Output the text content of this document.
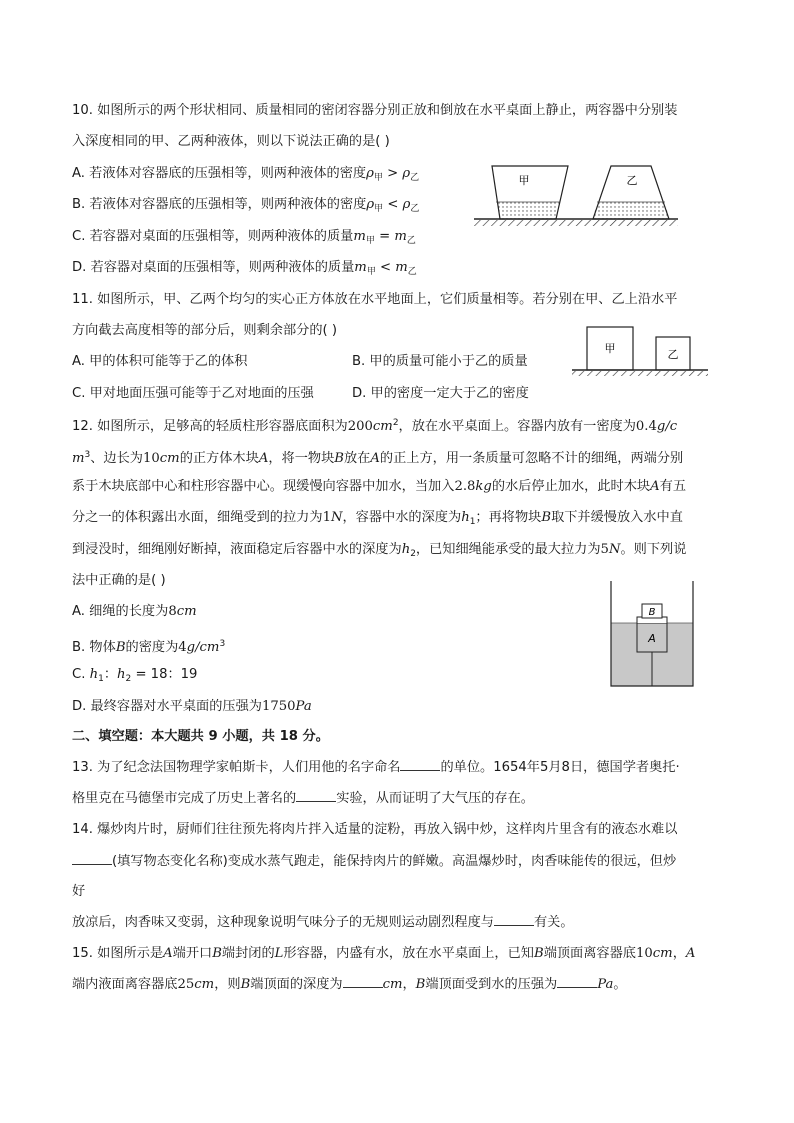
10. 如图所示的两个形状相同、质量相同的密闭容器分别正放和倒放在水平桌面上静止，两容器中分别装
入深度相同的甲、乙两种液体，则以下说法正确的是( )
A. 若液体对容器底的压强相等，则两种液体的密度$\rho_甲 > \rho_乙$
B. 若液体对容器底的压强相等，则两种液体的密度$\rho_甲 < \rho_乙$
C. 若容器对桌面的压强相等，则两种液体的质量$m_甲 = m_乙$
D. 若容器对桌面的压强相等，则两种液体的质量$m_甲 < m_乙$
甲	乙
11. 如图所示，甲、乙两个均匀的实心正方体放在水平地面上，它们质量相等。若分别在甲、乙上沿水平
方向截去高度相等的部分后，则剩余部分的( )
A. 甲的体积可能等于乙的体积	B. 甲的质量可能小于乙的质量
C. 甲对地面压强可能等于乙对地面的压强	D. 甲的密度一定大于乙的密度
甲	乙
12. 如图所示，足够高的轻质柱形容器底面积为$200cm^2$，放在水平桌面上。容器内放有一密度为0.4g/c
$m^3$、边长为10cm的正方体木块A，将一物块B放在A的正上方，用一条质量可忽略不计的细绳，两端分别
系于木块底部中心和柱形容器中心。现缓慢向容器中加水，当加入2.8kg的水后停止加水，此时木块A有五
分之一的体积露出水面，细绳受到的拉力为1N，容器中水的深度为$h_1$；再将物块B取下并缓慢放入水中直
到浸没时，细绳刚好断掉，液面稳定后容器中水的深度为$h_2$，已知细绳能承受的最大拉力为5N。则下列说
法中正确的是( )
A. 细绳的长度为8cm
B. 物体B的密度为$4g/cm^3$
C. $h_1$：$h_2 = 18$：19
D. 最终容器对水平桌面的压强为1750Pa
A
B
二、填空题：本大题共 9 小题，共 18 分。
13. 为了纪念法国物理学家帕斯卡，人们用他的名字命名	的单位。1654年5月8日，德国学者奥托·
格里克在马德堡市完成了历史上著名的	实验，从而证明了大气压的存在。
14. 爆炒肉片时，厨师们往往预先将肉片拌入适量的淀粉，再放入锅中炒，这样肉片里含有的液态水难以
(填写物态变化名称)变成水蒸气跑走，能保持肉片的鲜嫩。高温爆炒时，肉香味能传的很远，但炒
好
放凉后，肉香味又变弱，这种现象说明气味分子的无规则运动剧烈程度与	有关。
15. 如图所示是A端开口B端封闭的L形容器，内盛有水，放在水平桌面上，已知B端顶面离容器底10cm，A
端内液面离容器底25cm，则B端顶面的深度为	cm，B端顶面受到水的压强为	Pa。
